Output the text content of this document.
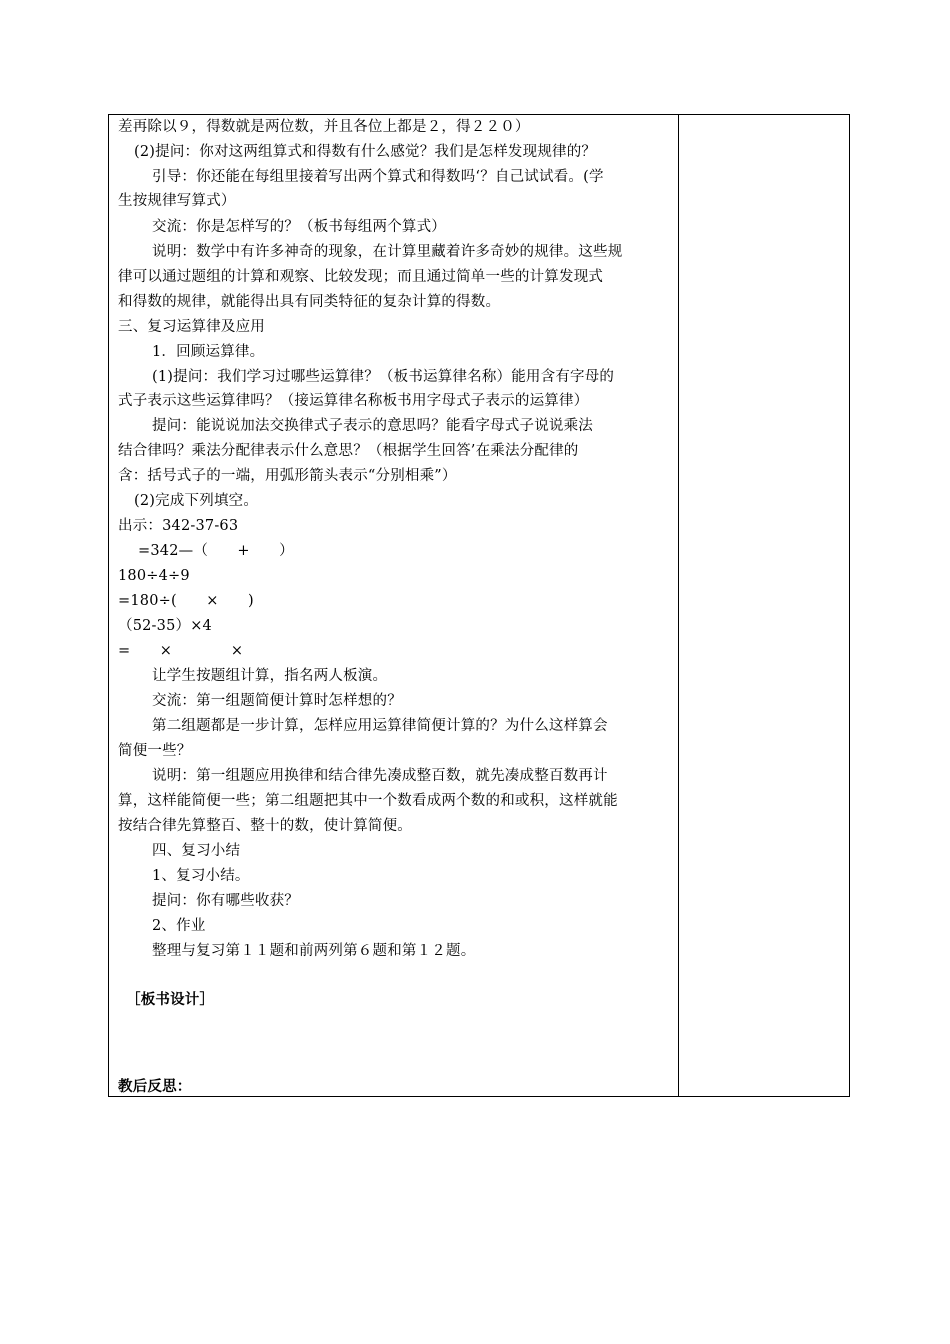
差再除以９，得数就是两位数，并且各位上都是２，得２２０）
(2)提问：你对这两组算式和得数有什么感觉？我们是怎样发现规律的？
引导：你还能在每组里接着写出两个算式和得数吗‘？自己试试看。(学
生按规律写算式）
交流：你是怎样写的？（板书每组两个算式）
说明：数学中有许多神奇的现象，在计算里藏着许多奇妙的规律。这些规
律可以通过题组的计算和观察、比较发现；而且通过简单一些的计算发现式
和得数的规律，就能得出具有同类特征的复杂计算的得数。
三、复习运算律及应用
1．回顾运算律。
(1)提问：我们学习过哪些运算律？（板书运算律名称）能用含有字母的
式子表示这些运算律吗？（接运算律名称板书用字母式子表示的运算律）
提问：能说说加法交换律式子表示的意思吗？能看字母式子说说乘法
结合律吗？乘法分配律表示什么意思？（根据学生回答’在乘法分配律的
含：括号式子的一端，用弧形箭头表示“分别相乘”）
(2)完成下列填空。
出示：342-37-63
=342—（　　+　　）
180÷4÷9
=180÷(　　×　　)
（52-35）×4
=　　×　　　　×
让学生按题组计算，指名两人板演。
交流：第一组题简便计算时怎样想的？
第二组题都是一步计算，怎样应用运算律简便计算的？为什么这样算会
简便一些？
说明：第一组题应用换律和结合律先凑成整百数，就先凑成整百数再计
算，这样能简便一些；第二组题把其中一个数看成两个数的和或积，这样就能
按结合律先算整百、整十的数，使计算简便。
四、复习小结
1、复习小结。
提问：你有哪些收获？
2、作业
整理与复习第１１题和前两列第６题和第１２题。
［板书设计］
教后反思：
